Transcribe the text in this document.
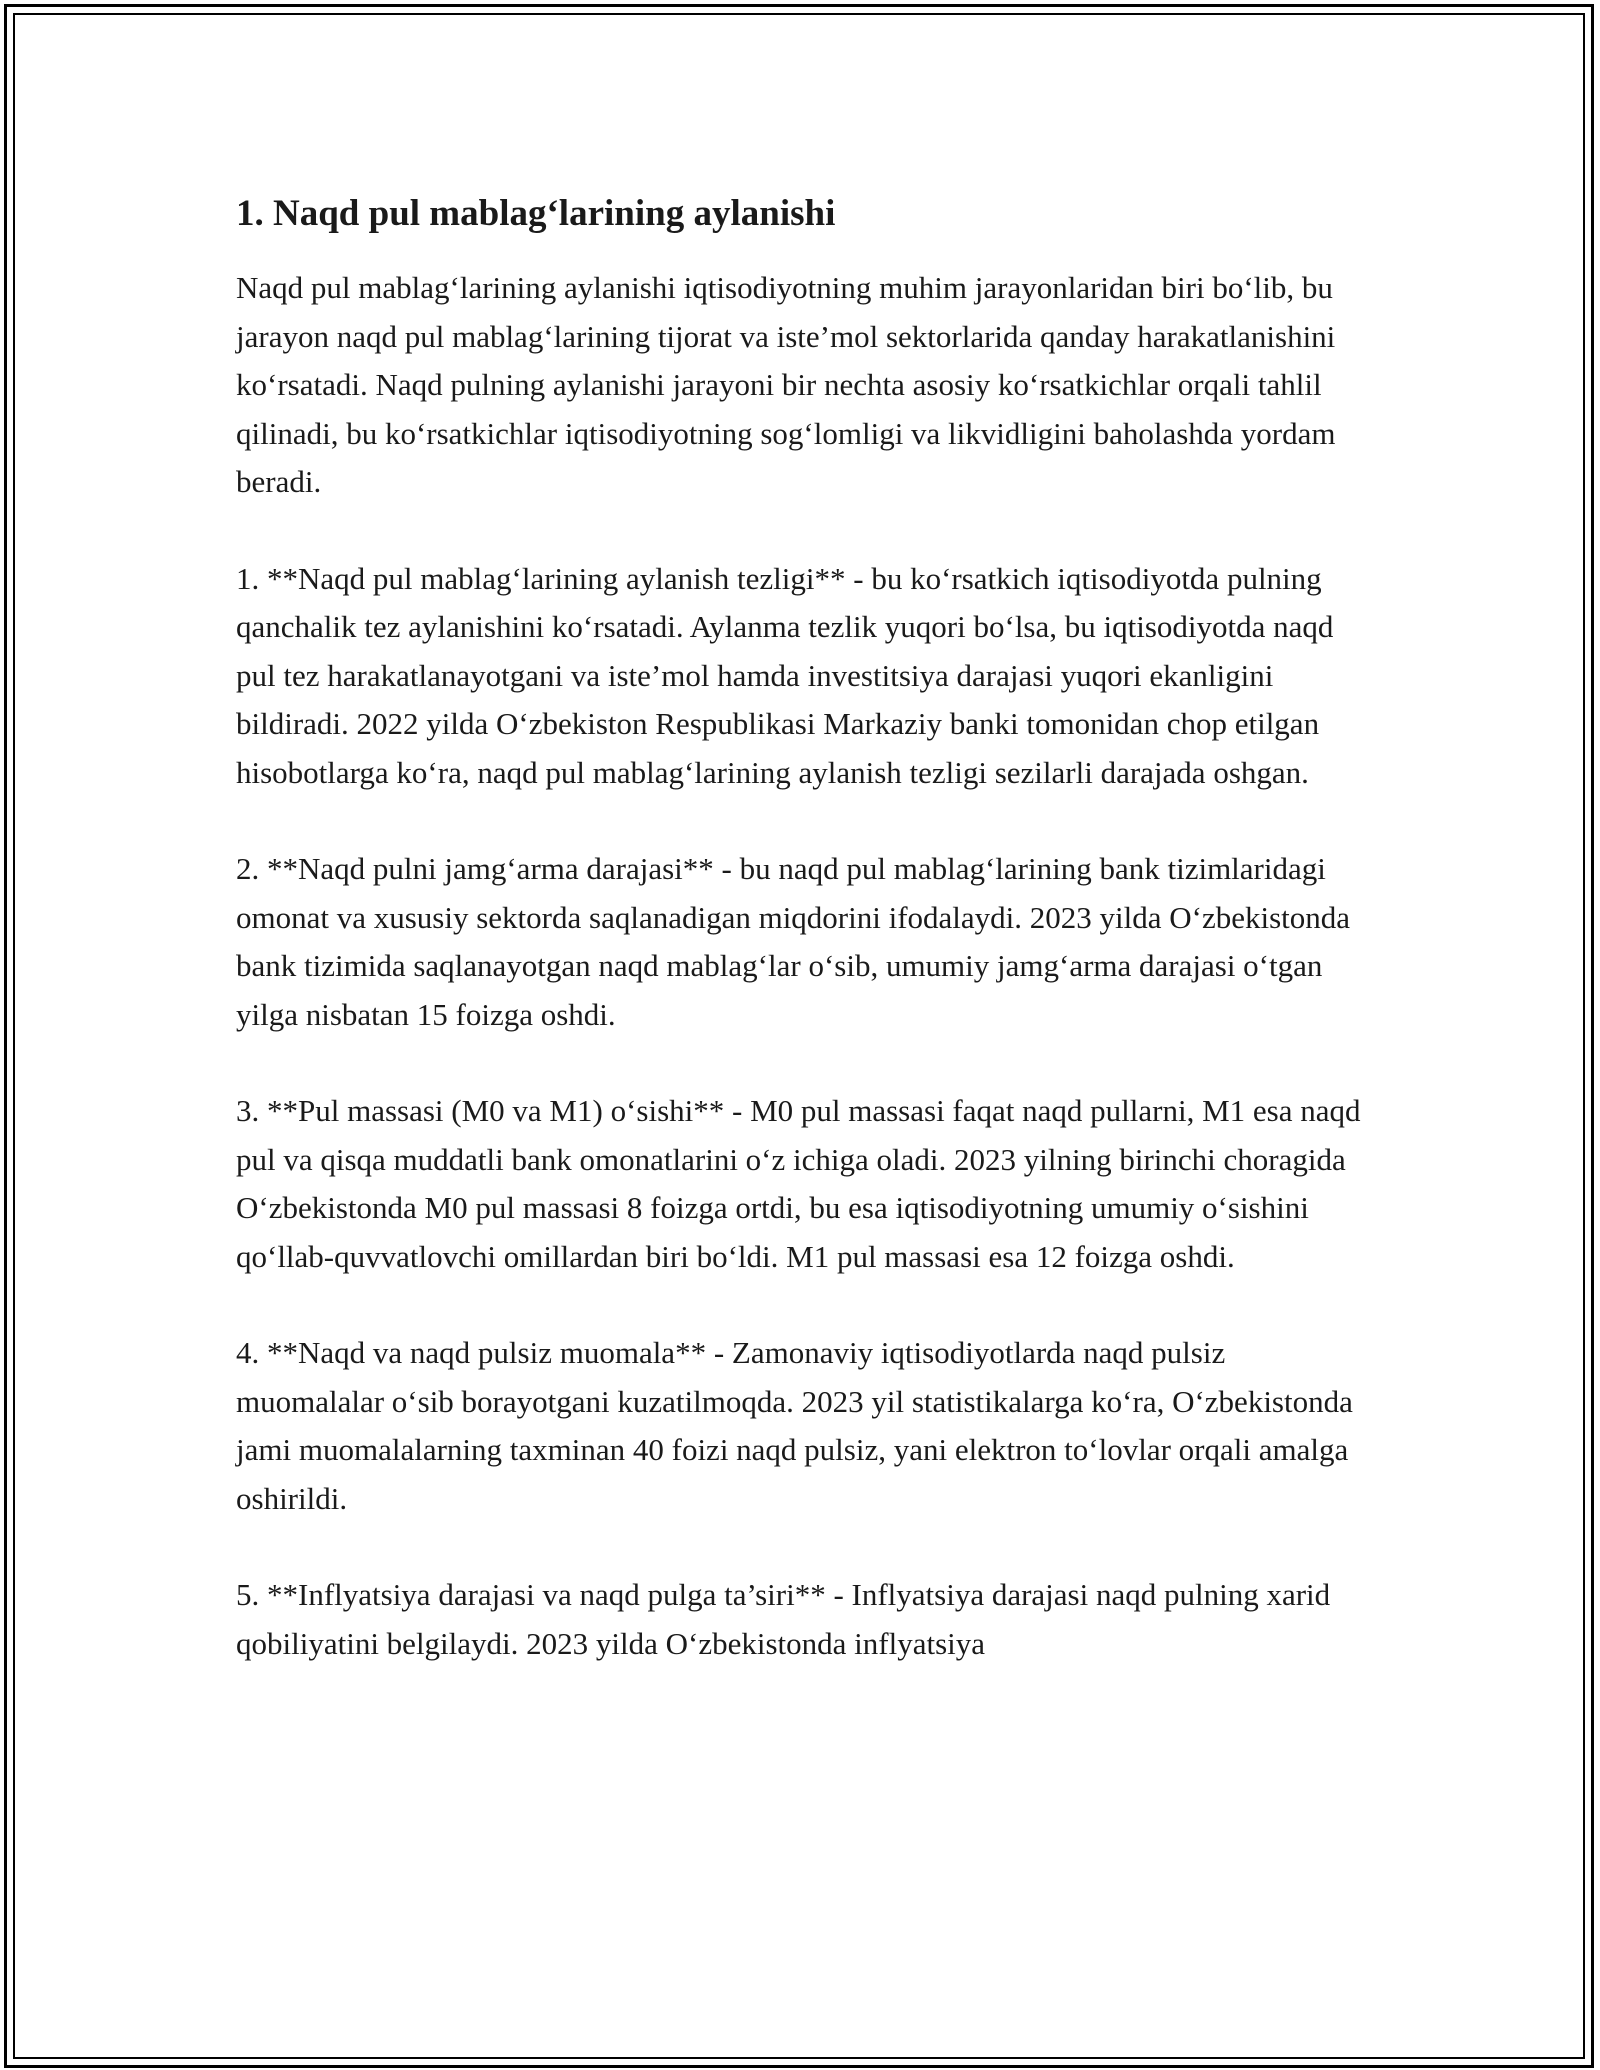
1. Naqd pul mablag‘larining aylanishi

Naqd pul mablag‘larining aylanishi iqtisodiyotning muhim jarayonlaridan biri bo‘lib, bu jarayon naqd pul mablag‘larining tijorat va iste’mol sektorlarida qanday harakatlanishini ko‘rsatadi. Naqd pulning aylanishi jarayoni bir nechta asosiy ko‘rsatkichlar orqali tahlil qilinadi, bu ko‘rsatkichlar iqtisodiyotning sog‘lomligi va likvidligini baholashda yordam beradi.

1. **Naqd pul mablag‘larining aylanish tezligi** - bu ko‘rsatkich iqtisodiyotda pulning qanchalik tez aylanishini ko‘rsatadi. Aylanma tezlik yuqori bo‘lsa, bu iqtisodiyotda naqd pul tez harakatlanayotgani va iste’mol hamda investitsiya darajasi yuqori ekanligini bildiradi. 2022 yilda O‘zbekiston Respublikasi Markaziy banki tomonidan chop etilgan hisobotlarga ko‘ra, naqd pul mablag‘larining aylanish tezligi sezilarli darajada oshgan.

2. **Naqd pulni jamg‘arma darajasi** - bu naqd pul mablag‘larining bank tizimlaridagi omonat va xususiy sektorda saqlanadigan miqdorini ifodalaydi. 2023 yilda O‘zbekistonda bank tizimida saqlanayotgan naqd mablag‘lar o‘sib, umumiy jamg‘arma darajasi o‘tgan yilga nisbatan 15 foizga oshdi.

3. **Pul massasi (M0 va M1) o‘sishi** - M0 pul massasi faqat naqd pullarni, M1 esa naqd pul va qisqa muddatli bank omonatlarini o‘z ichiga oladi. 2023 yilning birinchi choragida O‘zbekistonda M0 pul massasi 8 foizga ortdi, bu esa iqtisodiyotning umumiy o‘sishini qo‘llab-quvvatlovchi omillardan biri bo‘ldi. M1 pul massasi esa 12 foizga oshdi.

4. **Naqd va naqd pulsiz muomala** - Zamonaviy iqtisodiyotlarda naqd pulsiz muomalalar o‘sib borayotgani kuzatilmoqda. 2023 yil statistikalarga ko‘ra, O‘zbekistonda jami muomalalarning taxminan 40 foizi naqd pulsiz, yani elektron to‘lovlar orqali amalga oshirildi.

5. **Inflyatsiya darajasi va naqd pulga ta’siri** - Inflyatsiya darajasi naqd pulning xarid qobiliyatini belgilaydi. 2023 yilda O‘zbekistonda inflyatsiya
